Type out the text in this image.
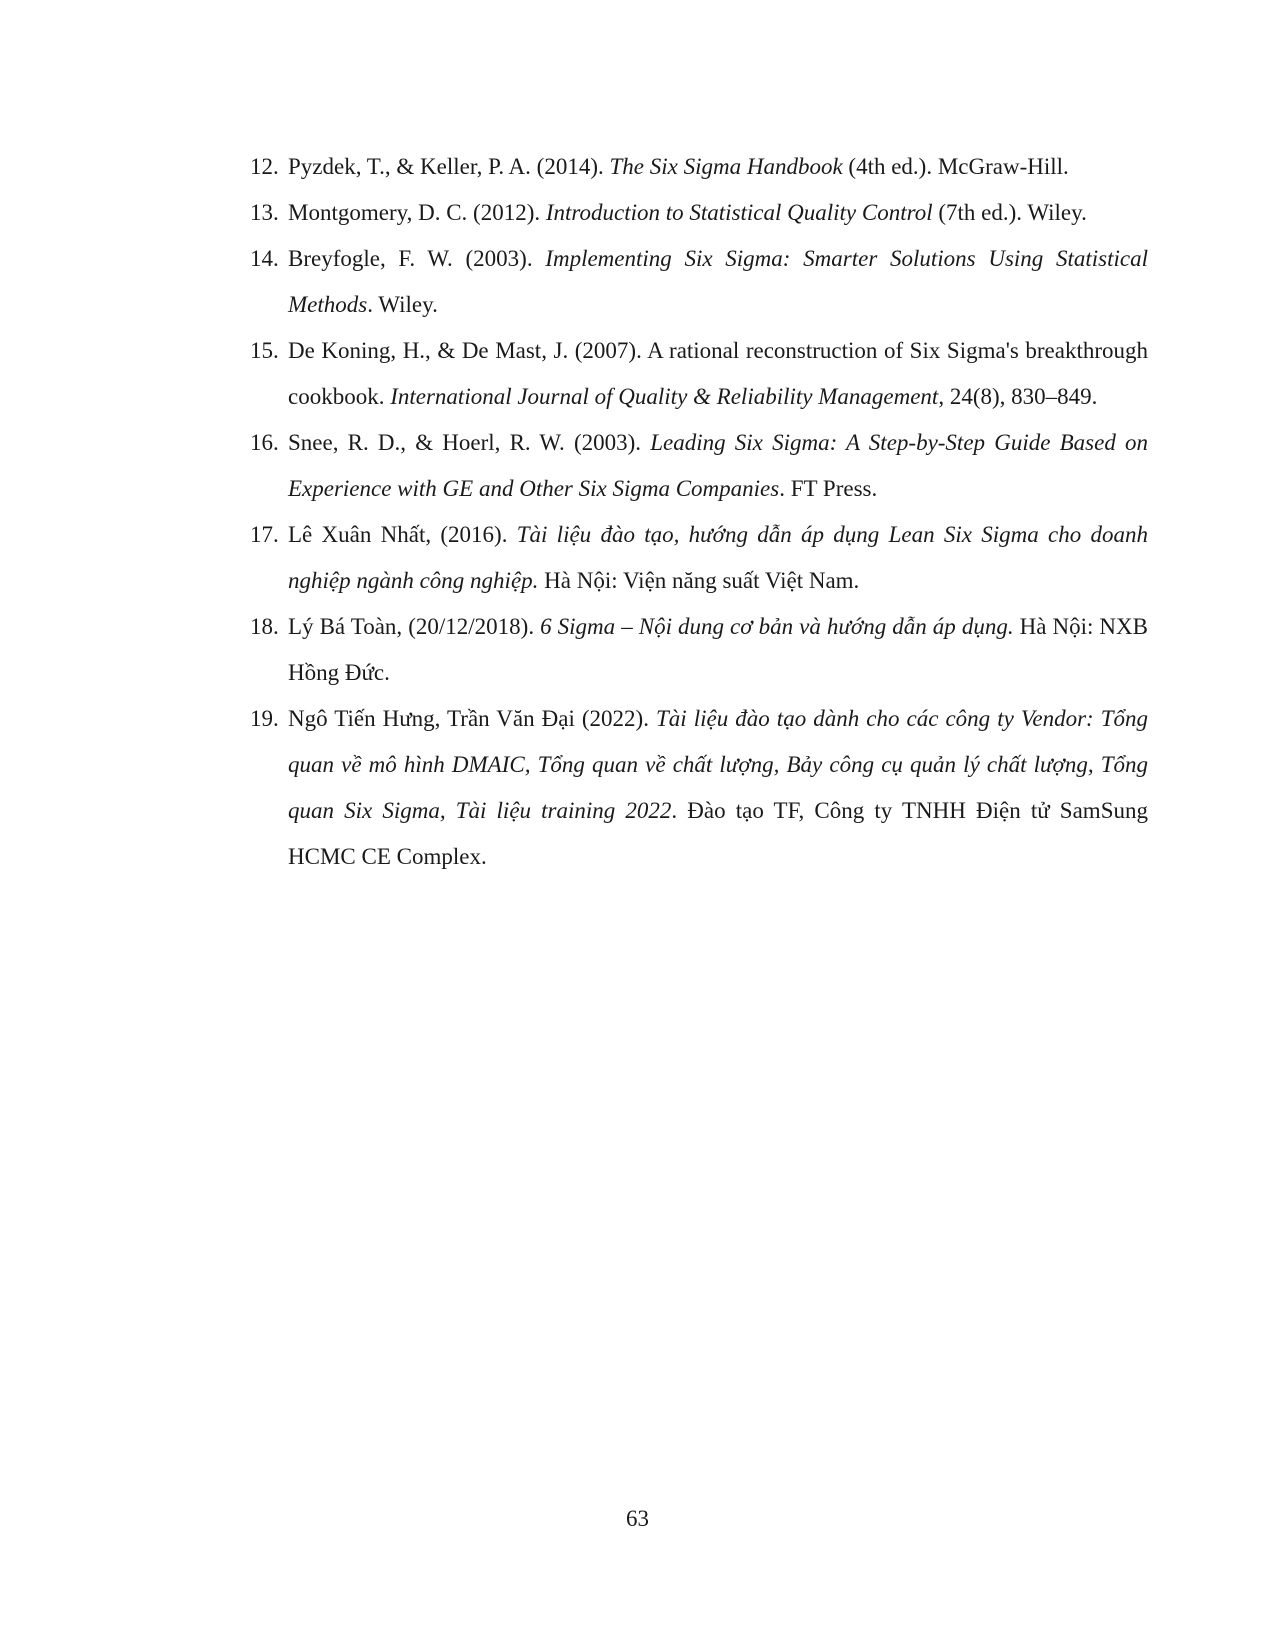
12. Pyzdek, T., & Keller, P. A. (2014). The Six Sigma Handbook (4th ed.). McGraw-Hill.
13. Montgomery, D. C. (2012). Introduction to Statistical Quality Control (7th ed.). Wiley.
14. Breyfogle, F. W. (2003). Implementing Six Sigma: Smarter Solutions Using Statistical Methods. Wiley.
15. De Koning, H., & De Mast, J. (2007). A rational reconstruction of Six Sigma's breakthrough cookbook. International Journal of Quality & Reliability Management, 24(8), 830–849.
16. Snee, R. D., & Hoerl, R. W. (2003). Leading Six Sigma: A Step-by-Step Guide Based on Experience with GE and Other Six Sigma Companies. FT Press.
17. Lê Xuân Nhất, (2016). Tài liệu đào tạo, hướng dẫn áp dụng Lean Six Sigma cho doanh nghiệp ngành công nghiệp. Hà Nội: Viện năng suất Việt Nam.
18. Lý Bá Toàn, (20/12/2018). 6 Sigma – Nội dung cơ bản và hướng dẫn áp dụng. Hà Nội: NXB Hồng Đức.
19. Ngô Tiến Hưng, Trần Văn Đại (2022). Tài liệu đào tạo dành cho các công ty Vendor: Tổng quan về mô hình DMAIC, Tổng quan về chất lượng, Bảy công cụ quản lý chất lượng, Tổng quan Six Sigma, Tài liệu training 2022. Đào tạo TF, Công ty TNHH Điện tử SamSung HCMC CE Complex.
63
